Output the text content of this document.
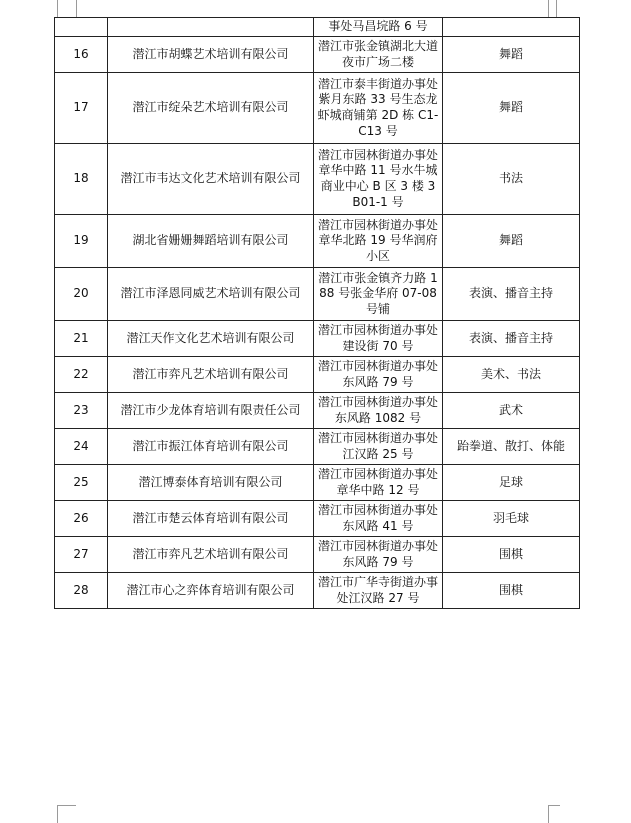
		事处马昌垸路 6 号	
16	潜江市胡蝶艺术培训有限公司	潜江市张金镇湖北大道夜市广场二楼	舞蹈
17	潜江市绽朵艺术培训有限公司	潜江市泰丰街道办事处紫月东路 33 号生态龙虾城商铺第 2D 栋 C1-C13 号	舞蹈
18	潜江市韦达文化艺术培训有限公司	潜江市园林街道办事处章华中路 11 号水牛城商业中心 B 区 3 楼 3B01-1 号	书法
19	湖北省姗姗舞蹈培训有限公司	潜江市园林街道办事处章华北路 19 号华润府小区	舞蹈
20	潜江市泽恩同威艺术培训有限公司	潜江市张金镇齐力路 188 号张金华府 07-08 号铺	表演、播音主持
21	潜江天作文化艺术培训有限公司	潜江市园林街道办事处建设街 70 号	表演、播音主持
22	潜江市弈凡艺术培训有限公司	潜江市园林街道办事处东风路 79 号	美术、书法
23	潜江市少龙体育培训有限责任公司	潜江市园林街道办事处东风路 1082 号	武术
24	潜江市振江体育培训有限公司	潜江市园林街道办事处江汉路 25 号	跆拳道、散打、体能
25	潜江博泰体育培训有限公司	潜江市园林街道办事处章华中路 12 号	足球
26	潜江市楚云体育培训有限公司	潜江市园林街道办事处东风路 41 号	羽毛球
27	潜江市弈凡艺术培训有限公司	潜江市园林街道办事处东风路 79 号	围棋
28	潜江市心之弈体育培训有限公司	潜江市广华寺街道办事处江汉路 27 号	围棋
